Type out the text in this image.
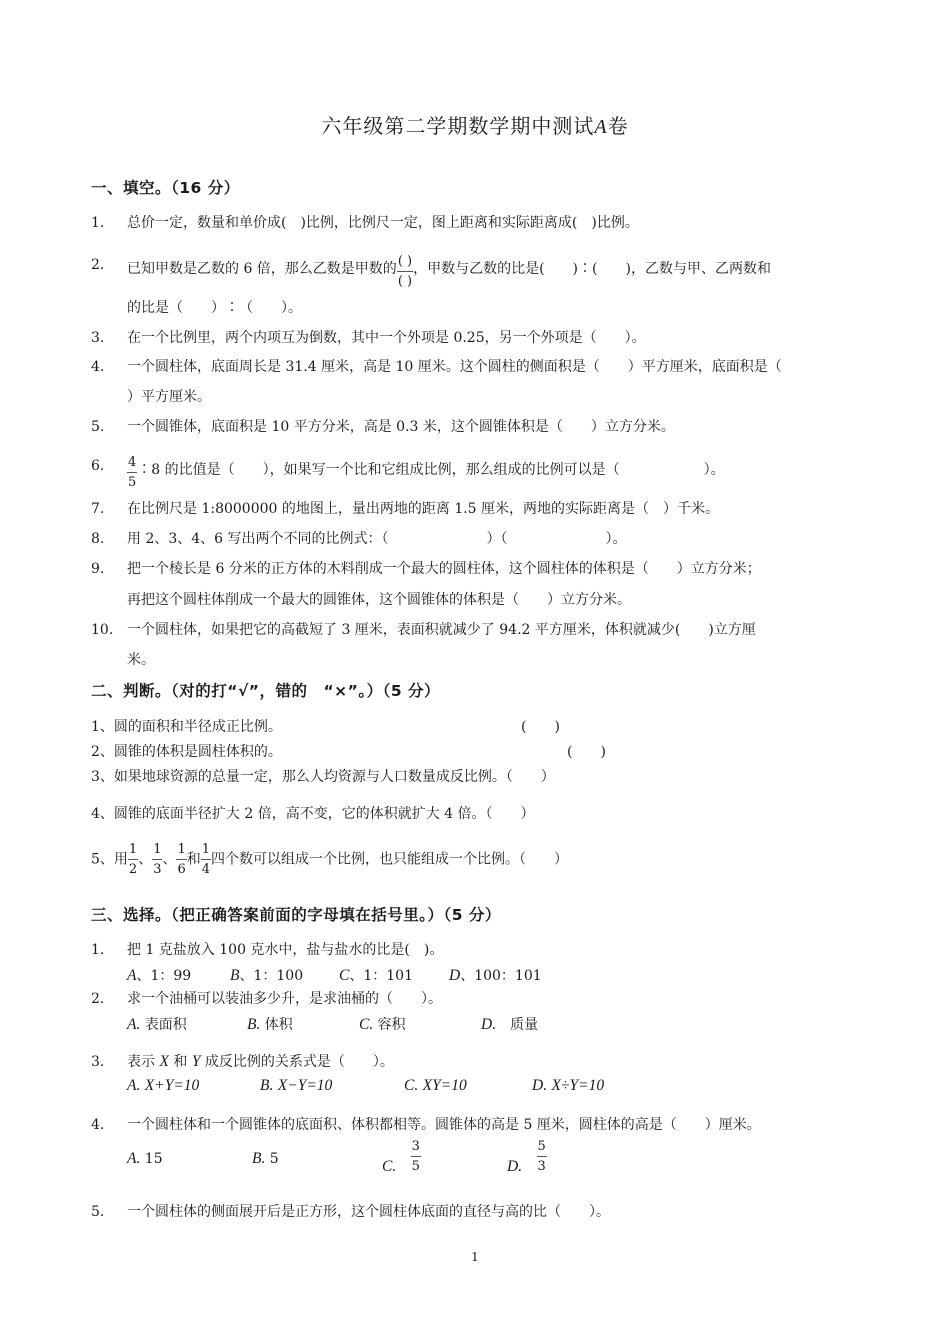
六年级第二学期数学期中测试A卷
一、填空。（16 分）
1. 总价一定，数量和单价成(　)比例，比例尺一定，图上距离和实际距离成(　)比例。
2. 已知甲数是乙数的 6 倍，那么乙数是甲数的 $\frac{( )}{( )}$ ，甲数与乙数的比是(　　)∶(　　)，乙数与甲、乙两数和
的比是（　　）∶（　　）。
3. 在一个比例里，两个内项互为倒数，其中一个外项是 0.25，另一个外项是（　　）。
4. 一个圆柱体，底面周长是 31.4 厘米，高是 10 厘米。这个圆柱的侧面积是（　　）平方厘米，底面积是（
）平方厘米。
5. 一个圆锥体，底面积是 10 平方分米，高是 0.3 米，这个圆锥体积是（　　）立方分米。
6. $\frac{4}{5}$ ∶8 的比值是（　　），如果写一个比和它组成比例，那么组成的比例可以是（　　　　　　）。
7. 在比例尺是 1:8000000 的地图上，量出两地的距离 1.5 厘米，两地的实际距离是（　）千米。
8. 用 2、3、4、6 写出两个不同的比例式：（　　　　　　　）（　　　　　　　）。
9. 把一个棱长是 6 分米的正方体的木料削成一个最大的圆柱体，这个圆柱体的体积是（　　）立方分米；
再把这个圆柱体削成一个最大的圆锥体，这个圆锥体的体积是（　　）立方分米。
10. 一个圆柱体，如果把它的高截短了 3 厘米，表面积就减少了 94.2 平方厘米，体积就减少(　　)立方厘
米。
二、判断。（对的打“√”，错的　“×”。）（5 分）
1、圆的面积和半径成正比例。	(　　)
2、圆锥的体积是圆柱体积的。	(　　)
3、如果地球资源的总量一定，那么人均资源与人口数量成反比例。（　　）
4、圆锥的底面半径扩大 2 倍，高不变，它的体积就扩大 4 倍。（　　）
5、用 $\frac{1}{2}$ 、 $\frac{1}{3}$ 、 $\frac{1}{6}$ 和 $\frac{1}{4}$ 四个数可以组成一个比例，也只能组成一个比例。（　　）
三、选择。（把正确答案前面的字母填在括号里。）（5 分）
1. 把 1 克盐放入 100 克水中，盐与盐水的比是(　)。
A、1：99	B、1：100 C、1：101 D、100：101
2. 求一个油桶可以装油多少升，是求油桶的（　　）。
A. 表面积	B. 体积	C. 容积	D.　 质量
3. 表示 X 和 Y 成反比例的关系式是（　　）。
A. X+Y=10	B. X−Y=10	C. XY=10	D. X÷Y=10
4. 一个圆柱体和一个圆锥体的底面积、体积都相等。圆锥体的高是 5 厘米，圆柱体的高是（　　）厘米。
A. 15	B. 5	C. $\frac{3}{5}$	D. $\frac{5}{3}$
5. 一个圆柱体的侧面展开后是正方形，这个圆柱体底面的直径与高的比（　　）。
1
